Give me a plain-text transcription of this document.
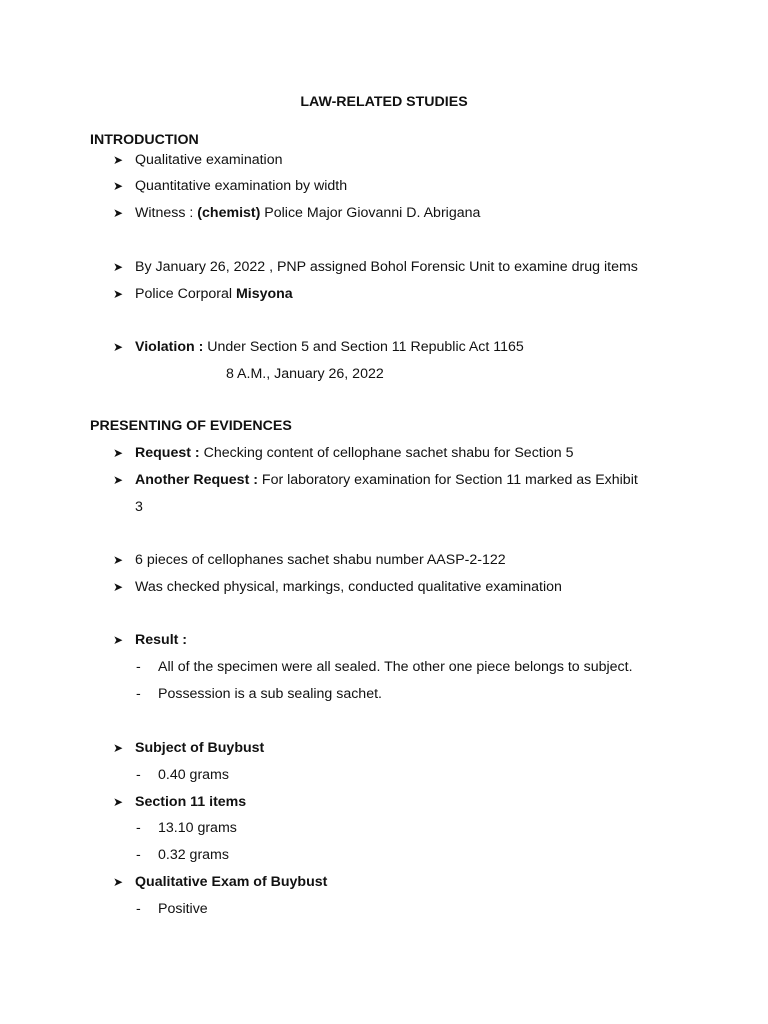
LAW-RELATED STUDIES
INTRODUCTION
➤ Qualitative examination
➤ Quantitative examination by width
➤ Witness : (chemist) Police Major Giovanni D. Abrigana
➤ By January 26, 2022 , PNP assigned Bohol Forensic Unit to examine drug items
➤ Police Corporal Misyona
➤ Violation : Under Section 5 and Section 11 Republic Act 1165
8 A.M., January 26, 2022
PRESENTING OF EVIDENCES
➤ Request : Checking content of cellophane sachet shabu for Section 5
➤ Another Request : For laboratory examination for Section 11 marked as Exhibit
3
➤ 6 pieces of cellophanes sachet shabu number AASP-2-122
➤ Was checked physical, markings, conducted qualitative examination
➤ Result :
- All of the specimen were all sealed. The other one piece belongs to subject.
- Possession is a sub sealing sachet.
➤ Subject of Buybust
- 0.40 grams
➤ Section 11 items
- 13.10 grams
- 0.32 grams
➤ Qualitative Exam of Buybust
- Positive
